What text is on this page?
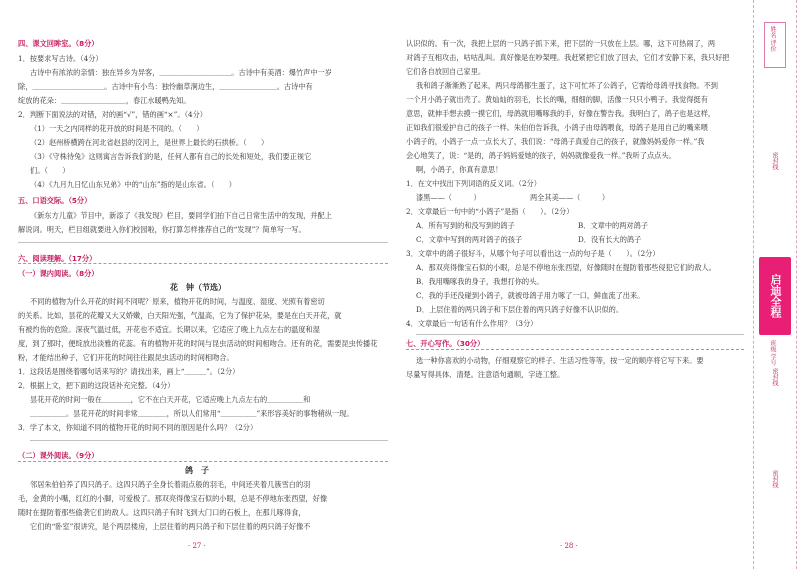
四、课文回眸室。（8分）
1．按要求写古诗。（4分）
古诗中有浓浓的亲情：独在异乡为异客，＿＿＿＿＿＿＿＿＿＿。古诗中有美酒：爆竹声中一岁
除，＿＿＿＿＿＿＿＿＿＿。古诗中有小鸟：独怜幽草涧边生，＿＿＿＿＿＿＿＿。古诗中有
绽放的花朵：＿＿＿＿＿＿＿＿＿，春江水暖鸭先知。
2．判断下面说法的对错，对的画“√”，错的画“×”。（4分）
（1）一天之内同样的花开放的时间是不同的。（　　）
（2）赵州桥横跨在河北省赵县的洨河上，是世界上最长的石拱桥。（　　）
（3）《守株待兔》这则寓言告诉我们的是，任何人都有自己的长处和短处，我们要正视它
们。（　　）
（4）《九月九日忆山东兄弟》中的“山东”指的是山东省。（　　）
五、口语交际。（5分）
《新东方儿童》节目中，新添了《我发现》栏目，要同学们拍下自己日常生活中的发现，并配上
解说词。明天，栏目组就要进入你们校园啦，你打算怎样推荐自己的“发现”？简单写一写。
六、阅读理解。（17分）
（一）课内阅读。（8分）
花　钟（节选）
不同的植物为什么开花的时间不同呢？原来，植物开花的时间，与温度、湿度、光照有着密切
的关系。比如，昙花的花瓣又大又娇嫩，白天阳光强，气温高，它为了保护花朵，要是在白天开花，就
有被灼伤的危险。深夜气温过低，开花也不适宜。长期以来，它适应了晚上九点左右的温度和湿
度，到了那时，便绽放出淡雅的花蕊。有的植物开花的时间与昆虫活动的时间相吻合。还有的花，需要昆虫传播花
粉，才能结出种子，它们开花的时间往往跟昆虫活动的时间相吻合。
1．这段话是围绕着哪句话来写的？请找出来，画上“＿＿＿”。（2分）
2．根据上文，把下面的这段话补充完整。（4分）
昙花开花的时间一般在＿＿＿＿，它不在白天开花，它适应晚上九点左右的＿＿＿＿＿和
＿＿＿＿＿。昙花开花的时间非常＿＿＿＿，所以人们常用“＿＿＿＿＿”来形容美好的事物稍纵一现。
3．学了本文，你知道不同的植物开花的时间不同的原因是什么吗？（2分）
（二）课外阅读。（9分）
鸽　子
邻居朱伯伯养了四只鸽子。这四只鸽子全身长着雨点般的羽毛，中间还夹着几簇雪白的羽
毛，金黄的小嘴，红红的小脚，可爱极了。那双亮得像宝石似的小眼，总是不停地东张西望，好像
随时在提防着那些偷袭它们的敌人。这四只鸽子有时飞到大门口的石板上，在那儿啄得食，
它们的“卧室”很讲究，是个两层楼房，上层住着的两只鸽子和下层住着的两只鸽子好像不
· 27 ·
认识似的。有一次，我把上层的一只鸽子抓下来，把下层的一只放在上层。哪，这下可热闹了，两
对鸽子互相攻击，咕咕乱叫。真好像是在吵架哩。我赶紧把它们放了回去，它们才安静下来，我只好把
它们各自放回自己家里。
我和鸽子渐渐熟了起来，两只母鸽都生蛋了，这下可忙坏了公鸽子，它需给母鸽寻找食物。不到
一个月小鸽子就出壳了。黄灿灿的羽毛，长长的嘴，细细的脚，活像一只只小鸭子。我觉得挺有
意思，就伸手想去摸一摸它们，母鸽就用嘴啄我的手，好像在警告我。我明白了，鸽子也是这样，
正如我们很爱护自己的孩子一样。朱伯伯告诉我，小鸽子由母鸽喂食，母鸽子是用自己的嘴来喂
小鸽子的，小鸽子一点一点长大了，我们说：“母鸽子真爱自己的孩子，就像妈妈爱你一样。”我
会心地笑了，说：“是的，鸽子妈妈爱她的孩子，妈妈就像爱我一样。”我听了点点头。
啊，小鸽子，你真有意思！
1．在文中找出下列词语的反义词。（2分）
漆黑——（　　　）	两全其美——（　　　）
2．文章最后一句中的“小鸽子”是指（　　）。（2分）
A．所有写到的和没写到的鸽子	B．文章中的两对鸽子
C．文章中写到的两对鸽子的孩子	D．没有长大的鸽子
3．文章中的鸽子很好斗，从哪个句子可以看出这一点的句子是（　　）。（2分）
A．那双亮得像宝石似的小眼，总是不停地东张西望，好像随时在提防着那些侵犯它们的敌人。
B．我用嘴啄我的身子，我想打你的头。
C．我的手还没碰到小鸽子，就被母鸽子用力啄了一口，鲜血流了出来。
D．上层住着的两只鸽子和下层住着的两只鸽子好像不认识似的。
4．文章最后一句话有什么作用？（3分）
七、开心写作。（30分）
选一种你喜欢的小动物，仔细观察它的样子、生活习性等等，按一定的顺序将它写下来。要
尽量写得具体、清楚。注意语句通顺，字迹工整。
· 28 ·
姓名 评价
密封线
启迪全程
密封线
班级 学号
密封线
